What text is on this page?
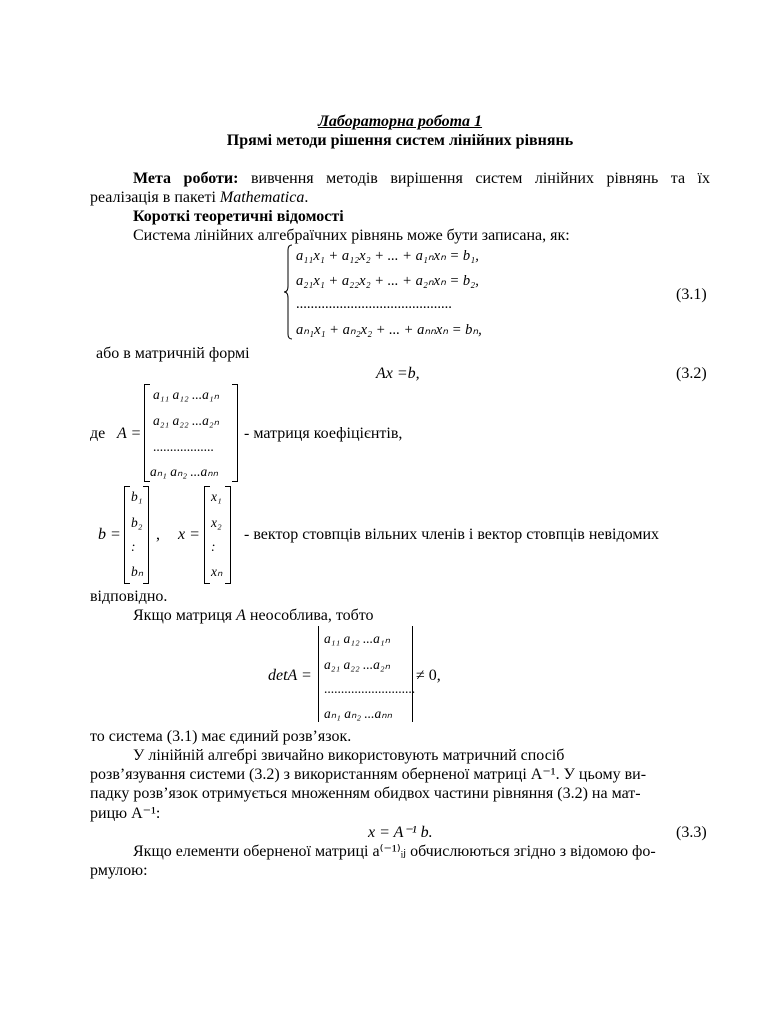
Лабораторна робота 1
Прямі методи рішення систем лінійних рівнянь
Мета роботи: вивчення методів вирішення систем лінійних рівнянь та їх
реалізація в пакеті Mathematica.
Короткі теоретичні відомості
Система лінійних алгебраїчних рівнянь може бути записана, як:
a₁₁x₁ + a₁₂x₂ + ... + a₁ₙxₙ = b₁,
a₂₁x₁ + a₂₂x₂ + ... + a₂ₙxₙ = b₂,
...........................................
aₙ₁x₁ + aₙ₂x₂ + ... + aₙₙxₙ = bₙ,
(3.1)
або в матричній формі
Ax =b,	(3.2)
де A =
a₁₁ a₁₂ ...a₁ₙ
a₂₁ a₂₂ ...a₂ₙ
..................
aₙ₁ aₙ₂ ...aₙₙ
- матриця коефіцієнтів,
b =
b₁
b₂
:
bₙ
, x =
x₁
x₂
:
xₙ
- вектор стовпців вільних членів і вектор стовпців невідомих
відповідно.
Якщо матриця A неособлива, тобто
detA =
a₁₁ a₁₂ ...a₁ₙ
a₂₁ a₂₂ ...a₂ₙ
...........................
aₙ₁ aₙ₂ ...aₙₙ
≠ 0,
то система (3.1) має єдиний розв’язок.
У лінійній алгебрі звичайно використовують матричний спосіб
розв’язування системи (3.2) з використанням оберненої матриці A⁻¹. У цьому ви-
падку розв’язок отримується множенням обидвох частини рівняння (3.2) на мат-
рицю A⁻¹:
x = A⁻¹ b.	(3.3)
Якщо елементи оберненої матриці a⁽⁻¹⁾ᵢⱼ обчислюються згідно з відомою фо-
рмулою:
